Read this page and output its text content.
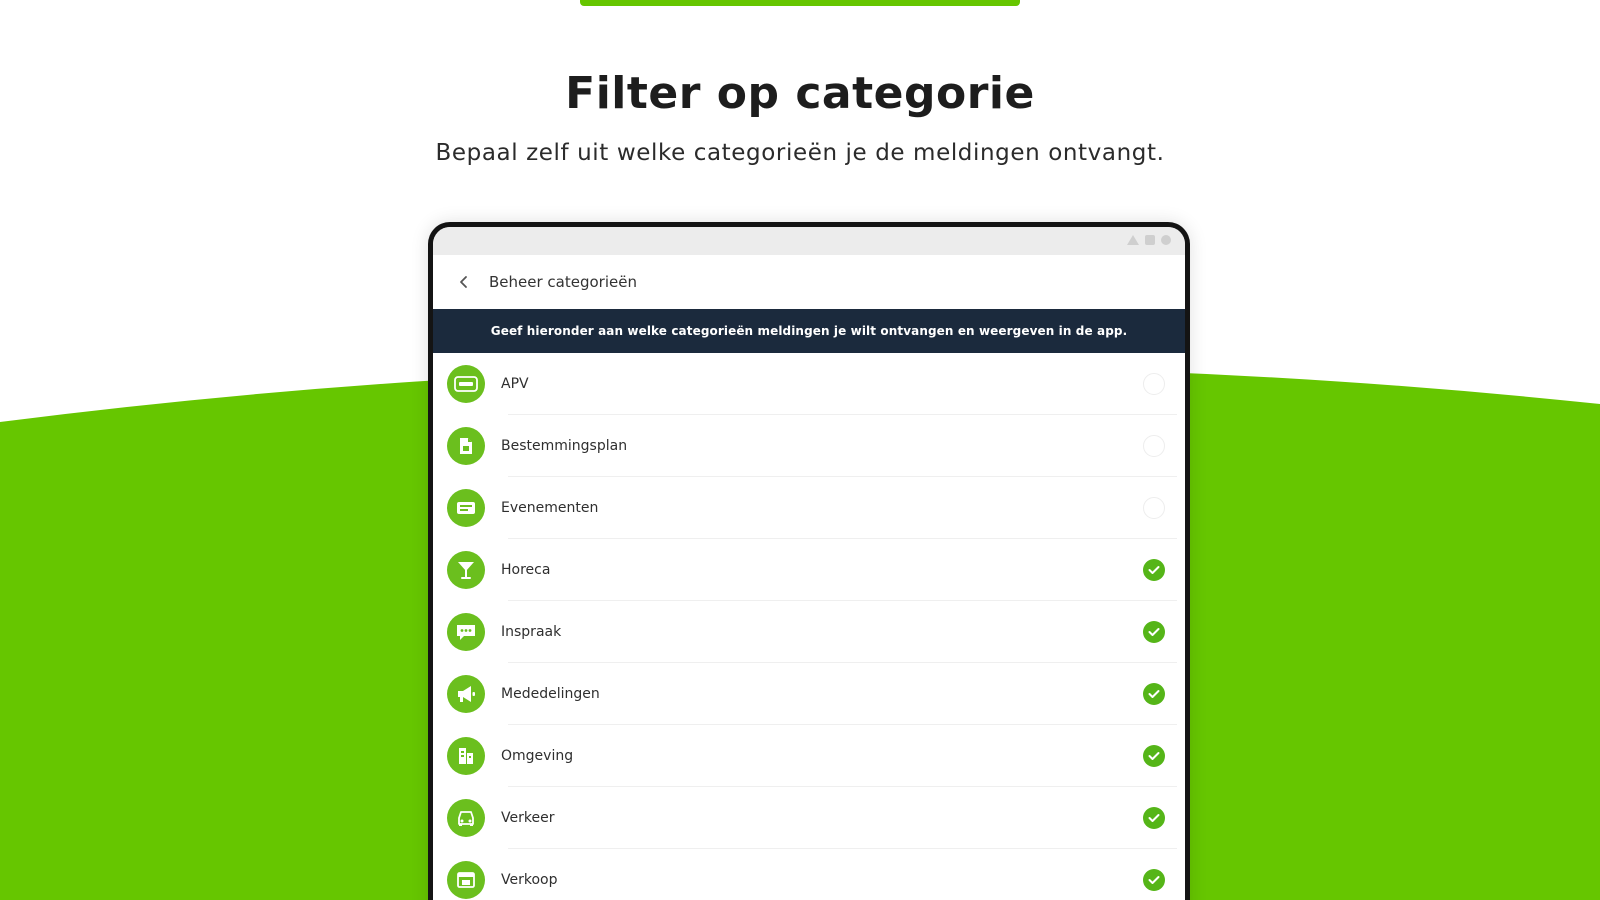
Filter op categorie
Bepaal zelf uit welke categorieën je de meldingen ontvangt.
Beheer categorieën
Geef hieronder aan welke categorieën meldingen je wilt ontvangen en weergeven in de app.
APV
Bestemmingsplan
Evenementen
Horeca
Inspraak
Mededelingen
Omgeving
Verkeer
Verkoop
